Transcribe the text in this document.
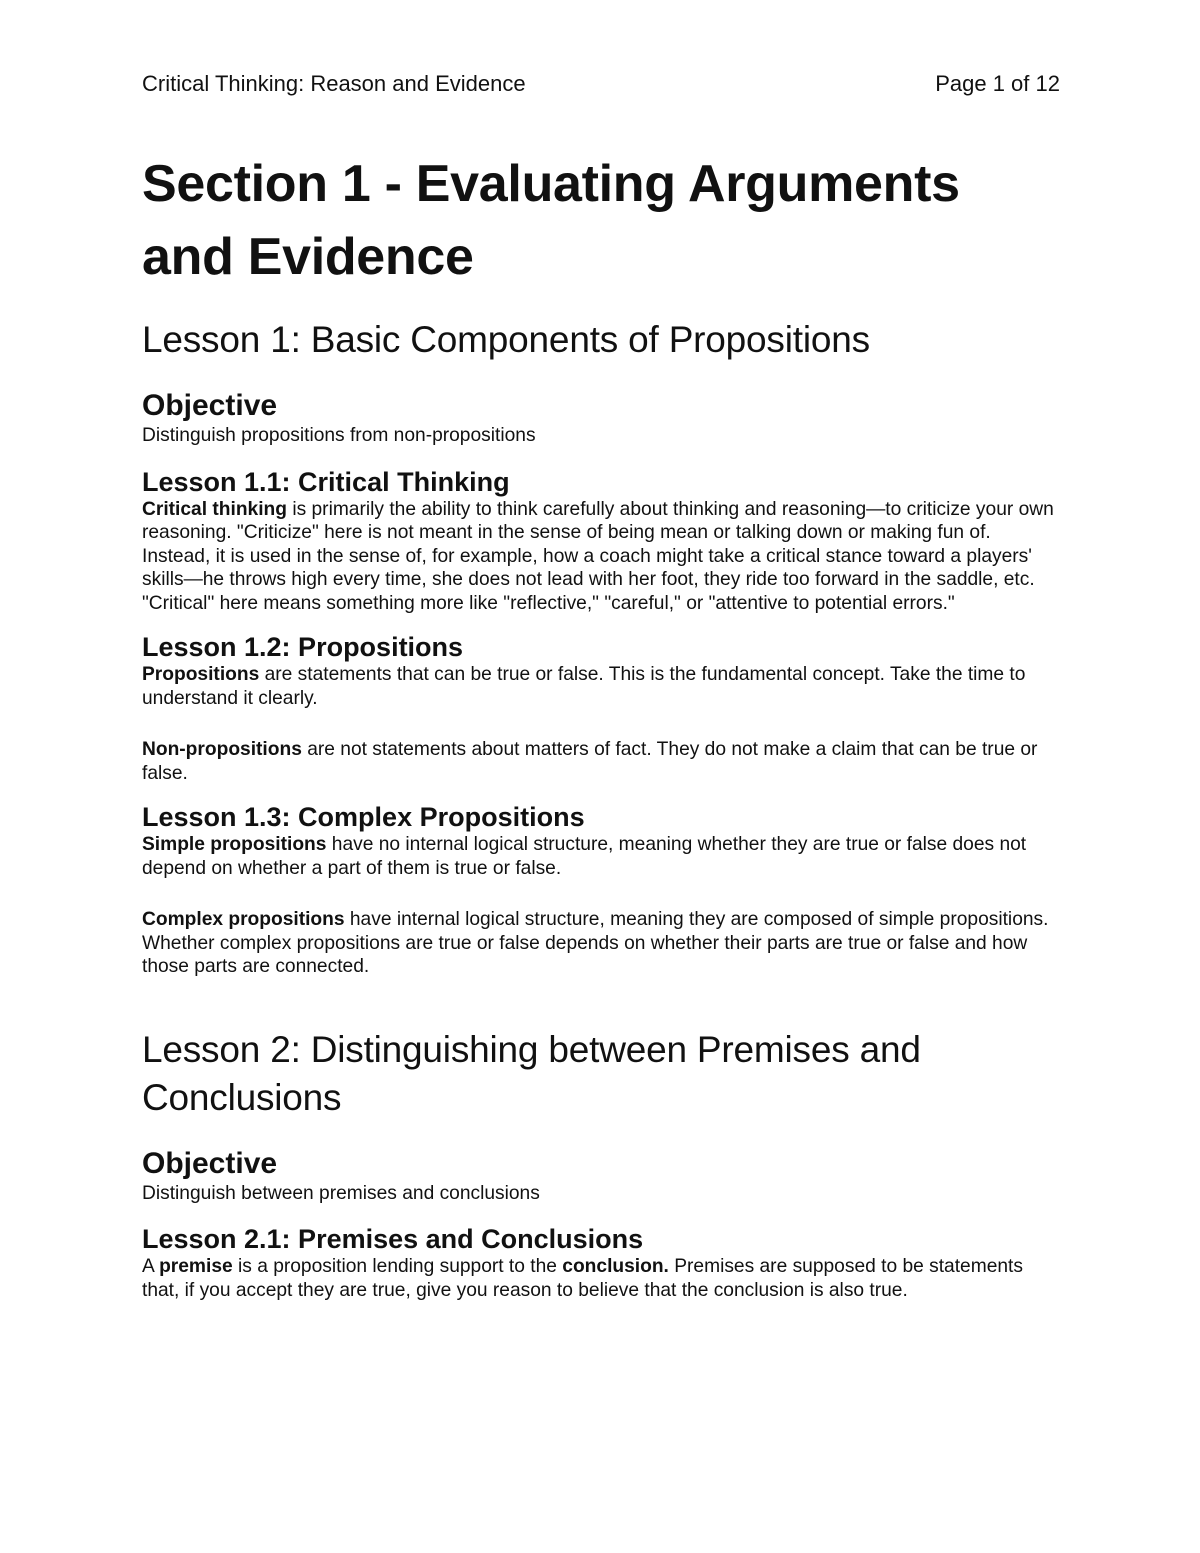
Critical Thinking: Reason and Evidence	Page 1 of 12
Section 1 - Evaluating Arguments and Evidence
Lesson 1: Basic Components of Propositions
Objective

Distinguish propositions from non-propositions

Lesson 1.1: Critical Thinking

Critical thinking is primarily the ability to think carefully about thinking and reasoning—to criticize your own reasoning. "Criticize" here is not meant in the sense of being mean or talking down or making fun of. Instead, it is used in the sense of, for example, how a coach might take a critical stance toward a players' skills—he throws high every time, she does not lead with her foot, they ride too forward in the saddle, etc. "Critical" here means something more like "reflective," "careful," or "attentive to potential errors."

Lesson 1.2: Propositions

Propositions are statements that can be true or false. This is the fundamental concept. Take the time to understand it clearly.

Non-propositions are not statements about matters of fact. They do not make a claim that can be true or false.

Lesson 1.3: Complex Propositions

Simple propositions have no internal logical structure, meaning whether they are true or false does not depend on whether a part of them is true or false.

Complex propositions have internal logical structure, meaning they are composed of simple propositions. Whether complex propositions are true or false depends on whether their parts are true or false and how those parts are connected.

Lesson 2: Distinguishing between Premises and Conclusions
Objective

Distinguish between premises and conclusions

Lesson 2.1: Premises and Conclusions

A premise is a proposition lending support to the conclusion. Premises are supposed to be statements that, if you accept they are true, give you reason to believe that the conclusion is also true.
